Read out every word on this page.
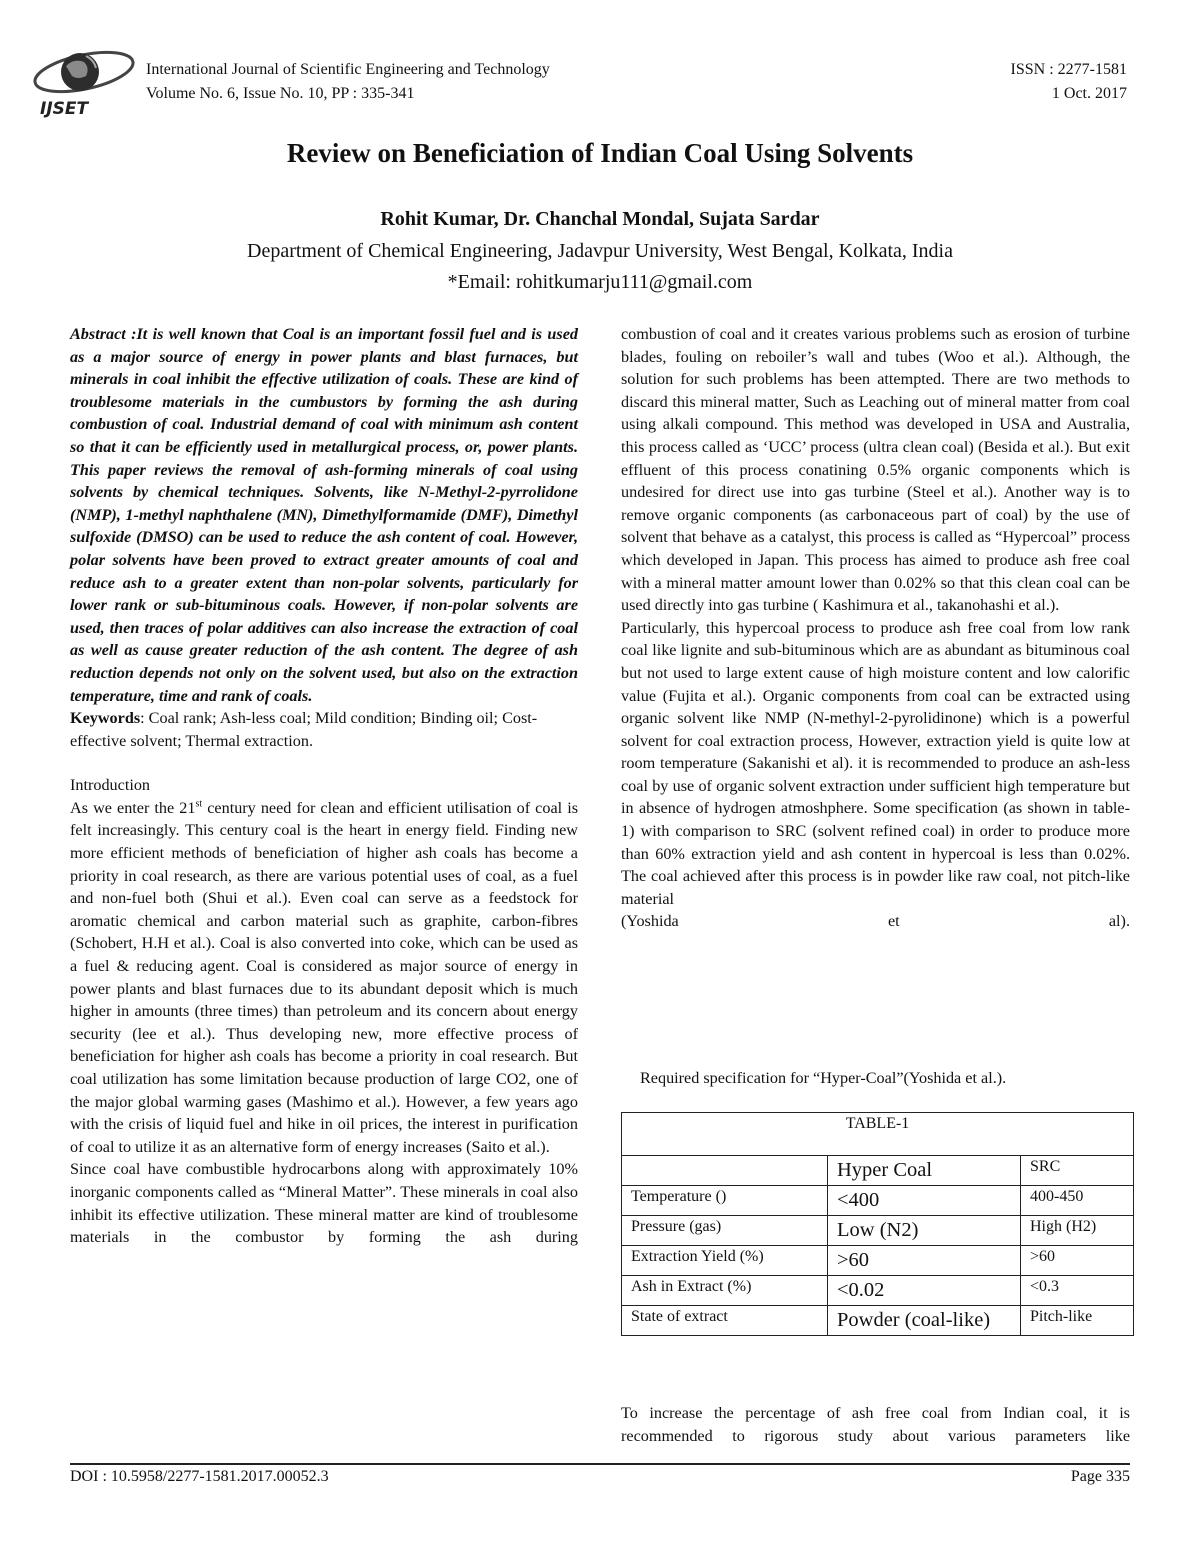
IJSET
International Journal of Scientific Engineering and Technology
Volume No. 6, Issue No. 10, PP : 335-341
ISSN : 2277-1581
1 Oct. 2017
Review on Beneficiation of Indian Coal Using Solvents
Rohit Kumar, Dr. Chanchal Mondal, Sujata Sardar
Department of Chemical Engineering, Jadavpur University, West Bengal, Kolkata, India
*Email: rohitkumarju111@gmail.com

Abstract :It is well known that Coal is an important fossil fuel and is used as a major source of energy in power plants and blast furnaces, but minerals in coal inhibit the effective utilization of coals. These are kind of troublesome materials in the cumbustors by forming the ash during combustion of coal. Industrial demand of coal with minimum ash content so that it can be efficiently used in metallurgical process, or, power plants. This paper reviews the removal of ash-forming minerals of coal using solvents by chemical techniques. Solvents, like N-Methyl-2-pyrrolidone (NMP), 1-methyl naphthalene (MN), Dimethylformamide (DMF), Dimethyl sulfoxide (DMSO) can be used to reduce the ash content of coal. However, polar solvents have been proved to extract greater amounts of coal and reduce ash to a greater extent than non-polar solvents, particularly for lower rank or sub-bituminous coals. However, if non-polar solvents are used, then traces of polar additives can also increase the extraction of coal as well as cause greater reduction of the ash content. The degree of ash reduction depends not only on the solvent used, but also on the extraction temperature, time and rank of coals.

Keywords: Coal rank; Ash-less coal; Mild condition; Binding oil; Cost-effective solvent; Thermal extraction.

Introduction

As we enter the 21st century need for clean and efficient utilisation of coal is felt increasingly. This century coal is the heart in energy field. Finding new more efficient methods of beneficiation of higher ash coals has become a priority in coal research, as there are various potential uses of coal, as a fuel and non-fuel both (Shui et al.). Even coal can serve as a feedstock for aromatic chemical and carbon material such as graphite, carbon-fibres (Schobert, H.H et al.). Coal is also converted into coke, which can be used as a fuel & reducing agent. Coal is considered as major source of energy in power plants and blast furnaces due to its abundant deposit which is much higher in amounts (three times) than petroleum and its concern about energy security (lee et al.). Thus developing new, more effective process of beneficiation for higher ash coals has become a priority in coal research. But coal utilization has some limitation because production of large CO2, one of the major global warming gases (Mashimo et al.). However, a few years ago with the crisis of liquid fuel and hike in oil prices, the interest in purification of coal to utilize it as an alternative form of energy increases (Saito et al.).

Since coal have combustible hydrocarbons along with approximately 10% inorganic components called as “Mineral Matter”. These minerals in coal also inhibit its effective utilization. These mineral matter are kind of troublesome materials in the combustor by forming the ash during

combustion of coal and it creates various problems such as erosion of turbine blades, fouling on reboiler’s wall and tubes (Woo et al.). Although, the solution for such problems has been attempted. There are two methods to discard this mineral matter, Such as Leaching out of mineral matter from coal using alkali compound. This method was developed in USA and Australia, this process called as ‘UCC’ process (ultra clean coal) (Besida et al.). But exit effluent of this process conatining 0.5% organic components which is undesired for direct use into gas turbine (Steel et al.). Another way is to remove organic components (as carbonaceous part of coal) by the use of solvent that behave as a catalyst, this process is called as “Hypercoal” process which developed in Japan. This process has aimed to produce ash free coal with a mineral matter amount lower than 0.02% so that this clean coal can be used directly into gas turbine ( Kashimura et al., takanohashi et al.).

Particularly, this hypercoal process to produce ash free coal from low rank coal like lignite and sub-bituminous which are as abundant as bituminous coal but not used to large extent cause of high moisture content and low calorific value (Fujita et al.). Organic components from coal can be extracted using organic solvent like NMP (N-methyl-2-pyrolidinone) which is a powerful solvent for coal extraction process, However, extraction yield is quite low at room temperature (Sakanishi et al). it is recommended to produce an ash-less coal by use of organic solvent extraction under sufficient high temperature but in absence of hydrogen atmoshphere. Some specification (as shown in table-1) with comparison to SRC (solvent refined coal) in order to produce more than 60% extraction yield and ash content in hypercoal is less than 0.02%. The coal achieved after this process is in powder like raw coal, not pitch-like material

(Yoshida et al).

Required specification for “Hyper-Coal”(Yoshida et al.).
TABLE-1		
	Hyper Coal	SRC
Temperature ()	<400	400-450
Pressure (gas)	Low (N2)	High (H2)
Extraction Yield (%)	>60	>60
Ash in Extract (%)	<0.02	<0.3
State of extract	Powder (coal-like)	Pitch-like

To increase the percentage of ash free coal from Indian coal, it is recommended to rigorous study about various parameters like

DOI : 10.5958/2277-1581.2017.00052.3	Page 335
